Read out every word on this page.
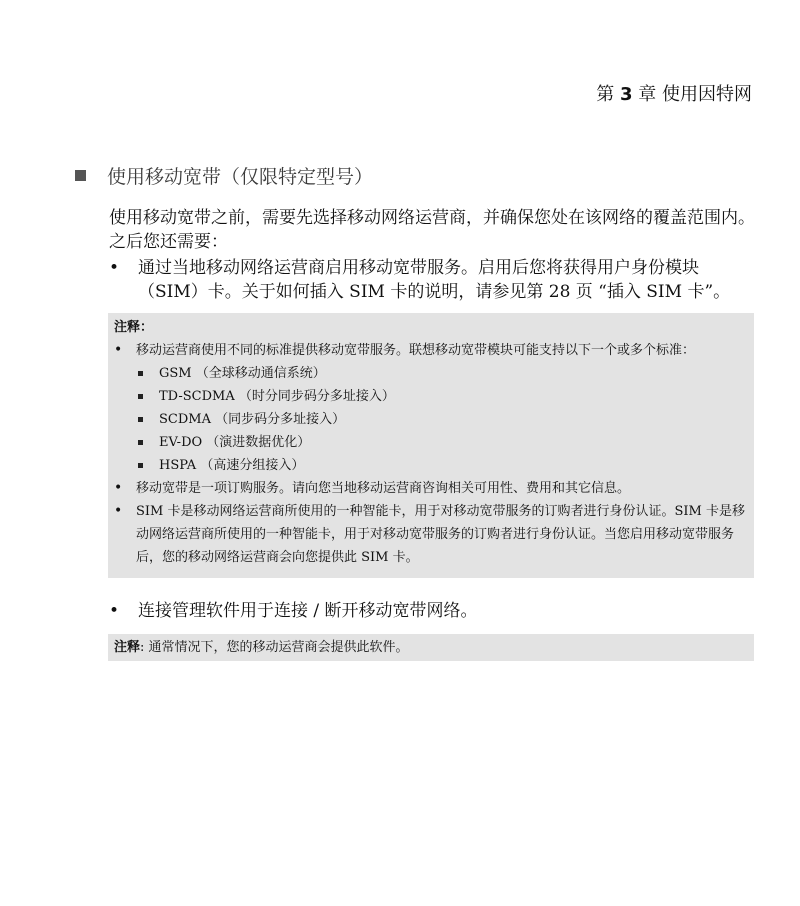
第 3 章 使用因特网
使用移动宽带（仅限特定型号）
使用移动宽带之前，需要先选择移动网络运营商，并确保您处在该网络的覆盖范围内。之后您还需要：
• 通过当地移动网络运营商启用移动宽带服务。启用后您将获得用户身份模块（SIM）卡。关于如何插入 SIM 卡的说明，请参见第 28 页 “插入 SIM 卡”。
注释：
• 移动运营商使用不同的标准提供移动宽带服务。联想移动宽带模块可能支持以下一个或多个标准：
GSM （全球移动通信系统）
TD-SCDMA （时分同步码分多址接入）
SCDMA （同步码分多址接入）
EV-DO （演进数据优化）
HSPA （高速分组接入）
• 移动宽带是一项订购服务。请向您当地移动运营商咨询相关可用性、费用和其它信息。
• SIM 卡是移动网络运营商所使用的一种智能卡，用于对移动宽带服务的订购者进行身份认证。SIM 卡是移动网络运营商所使用的一种智能卡，用于对移动宽带服务的订购者进行身份认证。当您启用移动宽带服务后，您的移动网络运营商会向您提供此 SIM 卡。
• 连接管理软件用于连接 / 断开移动宽带网络。
注释: 通常情况下，您的移动运营商会提供此软件。
